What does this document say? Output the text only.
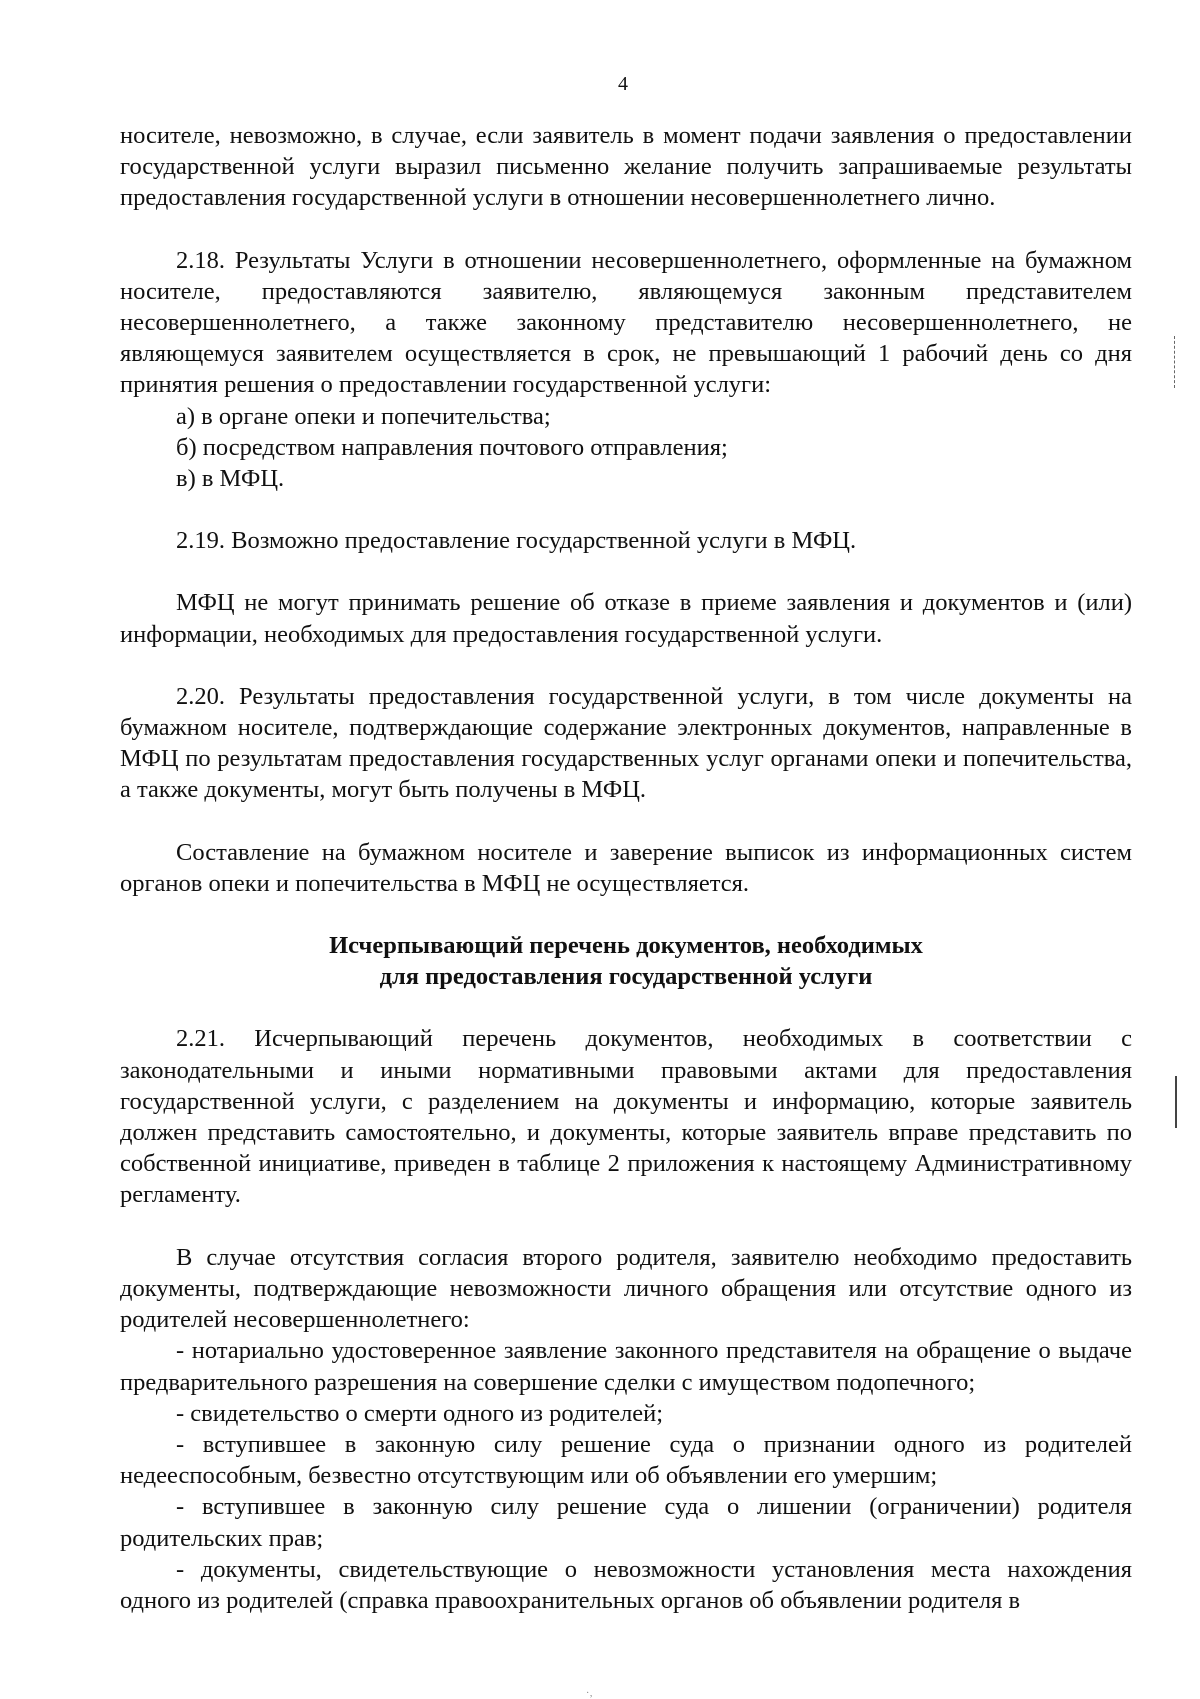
4

носителе, невозможно, в случае, если заявитель в момент подачи заявления о предоставлении государственной услуги выразил письменно желание получить запрашиваемые результаты предоставления государственной услуги в отношении несовершеннолетнего лично.

2.18. Результаты Услуги в отношении несовершеннолетнего, оформленные на бумажном носителе, предоставляются заявителю, являющемуся законным представителем несовершеннолетнего, а также законному представителю несовершеннолетнего, не являющемуся заявителем осуществляется в срок, не превышающий 1 рабочий день со дня принятия решения о предоставлении государственной услуги:

а) в органе опеки и попечительства;

б) посредством направления почтового отправления;

в) в МФЦ.

2.19. Возможно предоставление государственной услуги в МФЦ.

МФЦ не могут принимать решение об отказе в приеме заявления и документов и (или) информации, необходимых для предоставления государственной услуги.

2.20. Результаты предоставления государственной услуги, в том числе документы на бумажном носителе, подтверждающие содержание электронных документов, направленные в МФЦ по результатам предоставления государственных услуг органами опеки и попечительства, а также документы, могут быть получены в МФЦ.

Составление на бумажном носителе и заверение выписок из информационных систем органов опеки и попечительства в МФЦ не осуществляется.

Исчерпывающий перечень документов, необходимых
для предоставления государственной услуги

2.21. Исчерпывающий перечень документов, необходимых в соответствии с законодательными и иными нормативными правовыми актами для предоставления государственной услуги, с разделением на документы и информацию, которые заявитель должен представить самостоятельно, и документы, которые заявитель вправе представить по собственной инициативе, приведен в таблице 2 приложения к настоящему Административному регламенту.

В случае отсутствия согласия второго родителя, заявителю необходимо предоставить документы, подтверждающие невозможности личного обращения или отсутствие одного из родителей несовершеннолетнего:

- нотариально удостоверенное заявление законного представителя на обращение о выдаче предварительного разрешения на совершение сделки с имуществом подопечного;

- свидетельство о смерти одного из родителей;

- вступившее в законную силу решение суда о признании одного из родителей недееспособным, безвестно отсутствующим или об объявлении его умершим;

- вступившее в законную силу решение суда о лишении (ограничении) родителя родительских прав;

- документы, свидетельствующие о невозможности установления места нахождения одного из родителей (справка правоохранительных органов об объявлении родителя в

·‚
